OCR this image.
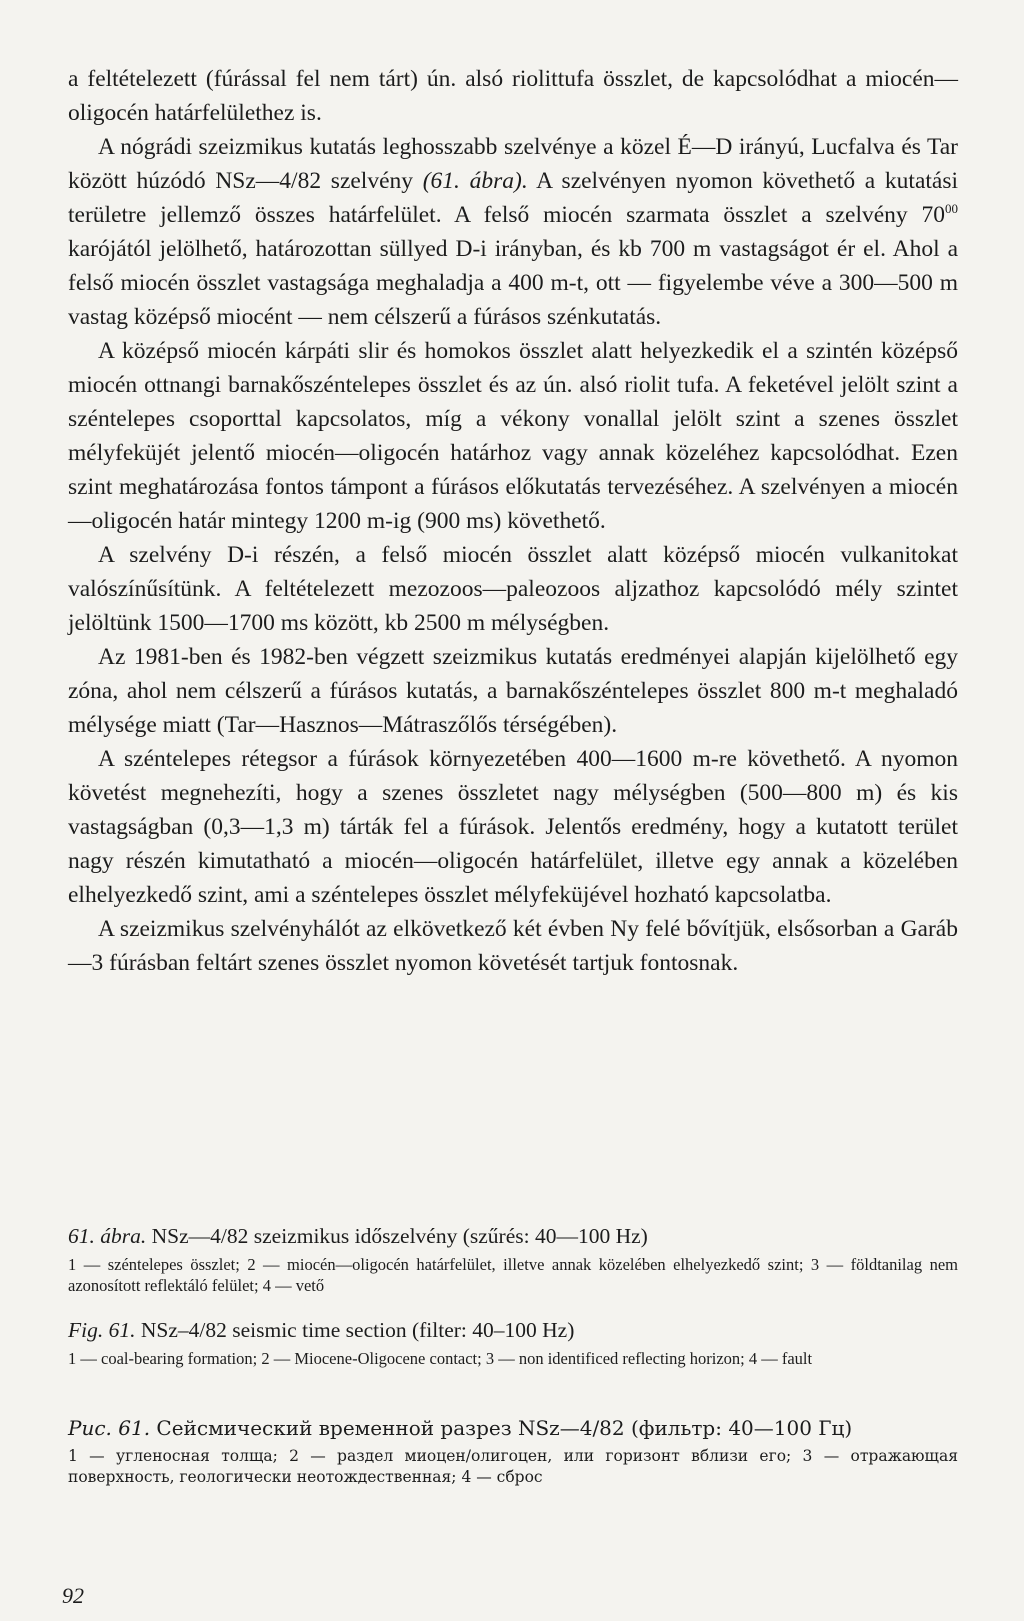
a feltételezett (fúrással fel nem tárt) ún. alsó riolittufa összlet, de kapcsolódhat a miocén—oligocén határfelülethez is.

A nógrádi szeizmikus kutatás leghosszabb szelvénye a közel É—D irányú, Lucfalva és Tar között húzódó NSz—4/82 szelvény (61. ábra). A szelvényen nyomon követhető a kutatási területre jellemző összes határfelület. A felső miocén szarmata összlet a szelvény $70^{00}$ karójától jelölhető, határozottan süllyed D-i irányban, és kb 700 m vastagságot ér el. Ahol a felső miocén összlet vastagsága meghaladja a 400 m-t, ott — figyelembe véve a 300—500 m vastag középső miocént — nem célszerű a fúrásos szénkutatás.

A középső miocén kárpáti slir és homokos összlet alatt helyezkedik el a szintén középső miocén ottnangi barnakőszéntelepes összlet és az ún. alsó riolit tufa. A feketével jelölt szint a széntelepes csoporttal kapcsolatos, míg a vékony vonallal jelölt szint a szenes összlet mélyfeküjét jelentő miocén—oligocén határhoz vagy annak közeléhez kapcsolódhat. Ezen szint meghatározása fontos támpont a fúrásos előkutatás tervezéséhez. A szelvényen a miocén—oligocén határ mintegy 1200 m-ig (900 ms) követhető.

A szelvény D-i részén, a felső miocén összlet alatt középső miocén vulkanitokat valószínűsítünk. A feltételezett mezozoos—paleozoos aljzathoz kapcsolódó mély szintet jelöltünk 1500—1700 ms között, kb 2500 m mélységben.

Az 1981-ben és 1982-ben végzett szeizmikus kutatás eredményei alapján kijelölhető egy zóna, ahol nem célszerű a fúrásos kutatás, a barnakőszéntelepes összlet 800 m-t meghaladó mélysége miatt (Tar—Hasznos—Mátraszőlős térségében).

A széntelepes rétegsor a fúrások környezetében 400—1600 m-re követhető. A nyomon követést megnehezíti, hogy a szenes összletet nagy mélységben (500—800 m) és kis vastagságban (0,3—1,3 m) tárták fel a fúrások. Jelentős eredmény, hogy a kutatott terület nagy részén kimutatható a miocén—oligocén határfelület, illetve egy annak a közelében elhelyezkedő szint, ami a széntelepes összlet mélyfeküjével hozható kapcsolatba.

A szeizmikus szelvényhálót az elkövetkező két évben Ny felé bővítjük, elsősorban a Garáb—3 fúrásban feltárt szenes összlet nyomon követését tartjuk fontosnak.

61. ábra. NSz—4/82 szeizmikus időszelvény (szűrés: 40—100 Hz)

1 — széntelepes összlet; 2 — miocén—oligocén határfelület, illetve annak közelében elhelyezkedő szint; 3 — földtanilag nem azonosított reflektáló felület; 4 — vető

Fig. 61. NSz–4/82 seismic time section (filter: 40–100 Hz)

1 — coal-bearing formation; 2 — Miocene-Oligocene contact; 3 — non identificed reflecting horizon; 4 — fault

Рис. 61. Сейсмический временной разрез NSz—4/82 (фильтр: 40—100 Гц)

1 — угленосная толща; 2 — раздел миоцен/олигоцен, или горизонт вблизи его; 3 — отражающая поверхность, геологически неотождественная; 4 — сброс

92
